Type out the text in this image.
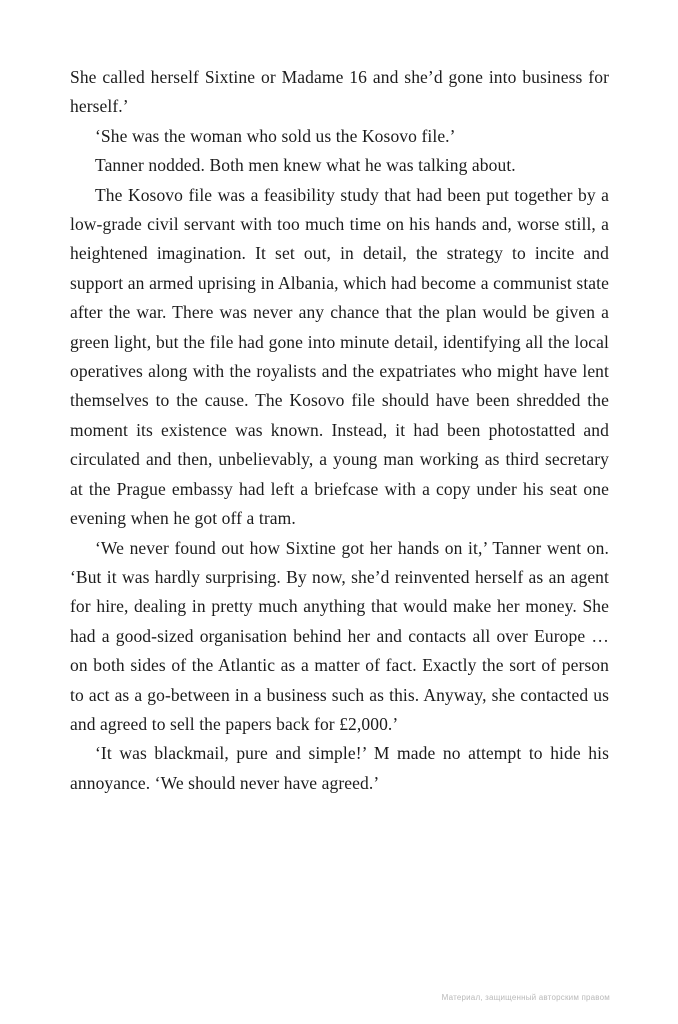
She called herself Sixtine or Madame 16 and she’d gone into business for herself.’

‘She was the woman who sold us the Kosovo file.’

Tanner nodded. Both men knew what he was talking about.

The Kosovo file was a feasibility study that had been put together by a low-grade civil servant with too much time on his hands and, worse still, a heightened imagination. It set out, in detail, the strategy to incite and support an armed uprising in Albania, which had become a communist state after the war. There was never any chance that the plan would be given a green light, but the file had gone into minute detail, identifying all the local operatives along with the royalists and the expatriates who might have lent themselves to the cause. The Kosovo file should have been shredded the moment its existence was known. Instead, it had been photostatted and circulated and then, unbelievably, a young man working as third secretary at the Prague embassy had left a briefcase with a copy under his seat one evening when he got off a tram.

‘We never found out how Sixtine got her hands on it,’ Tanner went on. ‘But it was hardly surprising. By now, she’d reinvented herself as an agent for hire, dealing in pretty much anything that would make her money. She had a good-sized organisation behind her and contacts all over Europe … on both sides of the Atlantic as a matter of fact. Exactly the sort of person to act as a go-between in a business such as this. Anyway, she contacted us and agreed to sell the papers back for £2,000.’

‘It was blackmail, pure and simple!’ M made no attempt to hide his annoyance. ‘We should never have agreed.’

Материал, защищенный авторским правом
